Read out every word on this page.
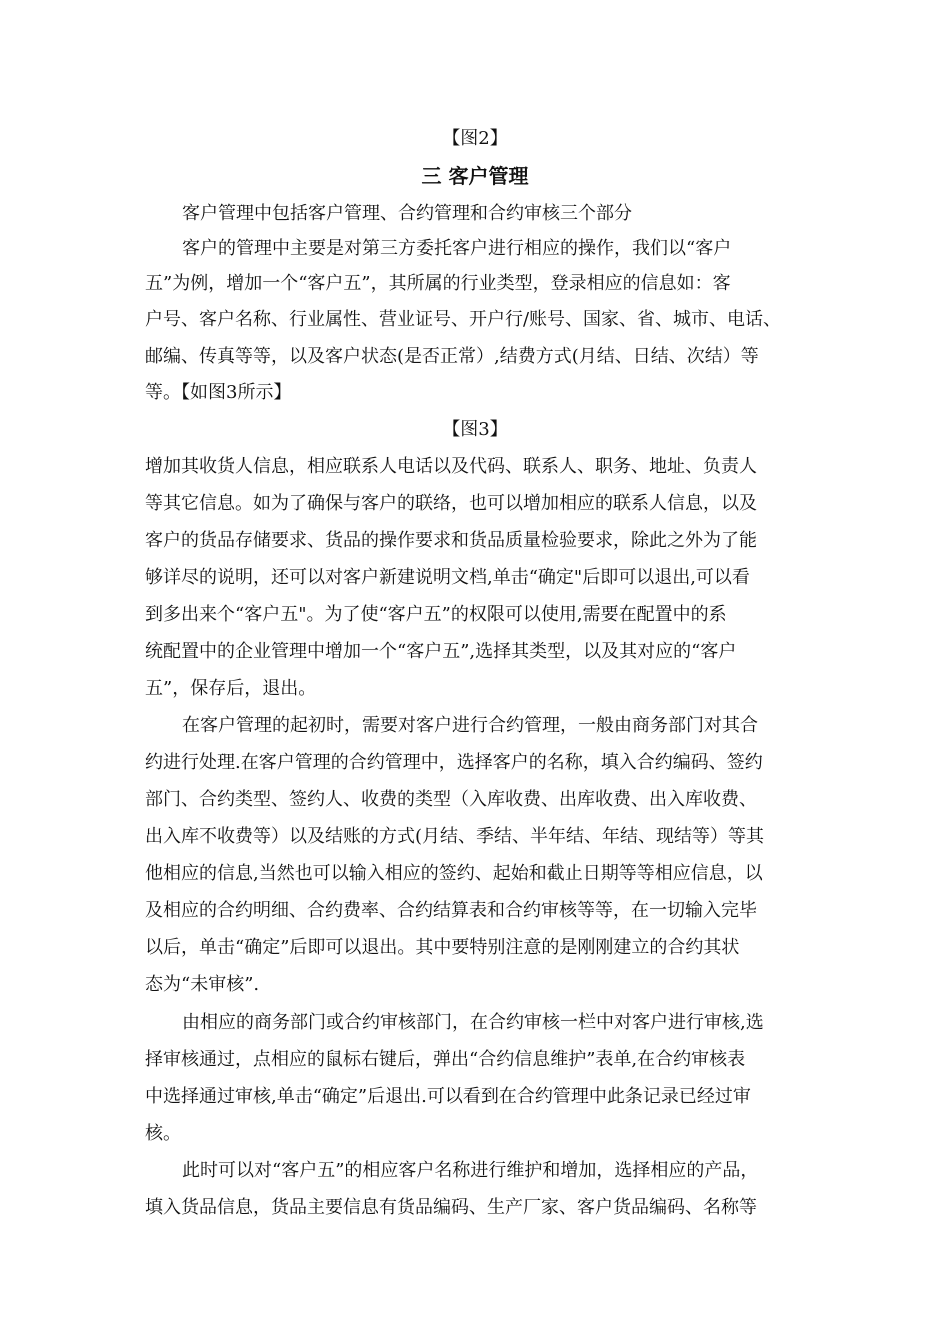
【图2】
三 客户管理
客户管理中包括客户管理、合约管理和合约审核三个部分
客户的管理中主要是对第三方委托客户进行相应的操作，我们以“客户
五”为例，增加一个“客户五”，其所属的行业类型，登录相应的信息如：客
户号、客户名称、行业属性、营业证号、开户行/账号、国家、省、城市、电话、
邮编、传真等等，以及客户状态(是否正常）,结费方式(月结、日结、次结）等
等。【如图3所示】
【图3】
增加其收货人信息，相应联系人电话以及代码、联系人、职务、地址、负责人
等其它信息。如为了确保与客户的联络，也可以增加相应的联系人信息，以及
客户的货品存储要求、货品的操作要求和货品质量检验要求，除此之外为了能
够详尽的说明，还可以对客户新建说明文档,单击“确定"后即可以退出,可以看
到多出来个“客户五"。为了使“客户五”的权限可以使用,需要在配置中的系
统配置中的企业管理中增加一个“客户五”,选择其类型，以及其对应的“客户
五”，保存后，退出。
在客户管理的起初时，需要对客户进行合约管理，一般由商务部门对其合
约进行处理.在客户管理的合约管理中，选择客户的名称，填入合约编码、签约
部门、合约类型、签约人、收费的类型（入库收费、出库收费、出入库收费、
出入库不收费等）以及结账的方式(月结、季结、半年结、年结、现结等）等其
他相应的信息,当然也可以输入相应的签约、起始和截止日期等等相应信息，以
及相应的合约明细、合约费率、合约结算表和合约审核等等，在一切输入完毕
以后，单击“确定”后即可以退出。其中要特别注意的是刚刚建立的合约其状
态为“未审核”.
由相应的商务部门或合约审核部门，在合约审核一栏中对客户进行审核,选
择审核通过，点相应的鼠标右键后，弹出“合约信息维护”表单,在合约审核表
中选择通过审核,单击“确定”后退出.可以看到在合约管理中此条记录已经过审
核。
此时可以对“客户五”的相应客户名称进行维护和增加，选择相应的产品，
填入货品信息，货品主要信息有货品编码、生产厂家、客户货品编码、名称等
